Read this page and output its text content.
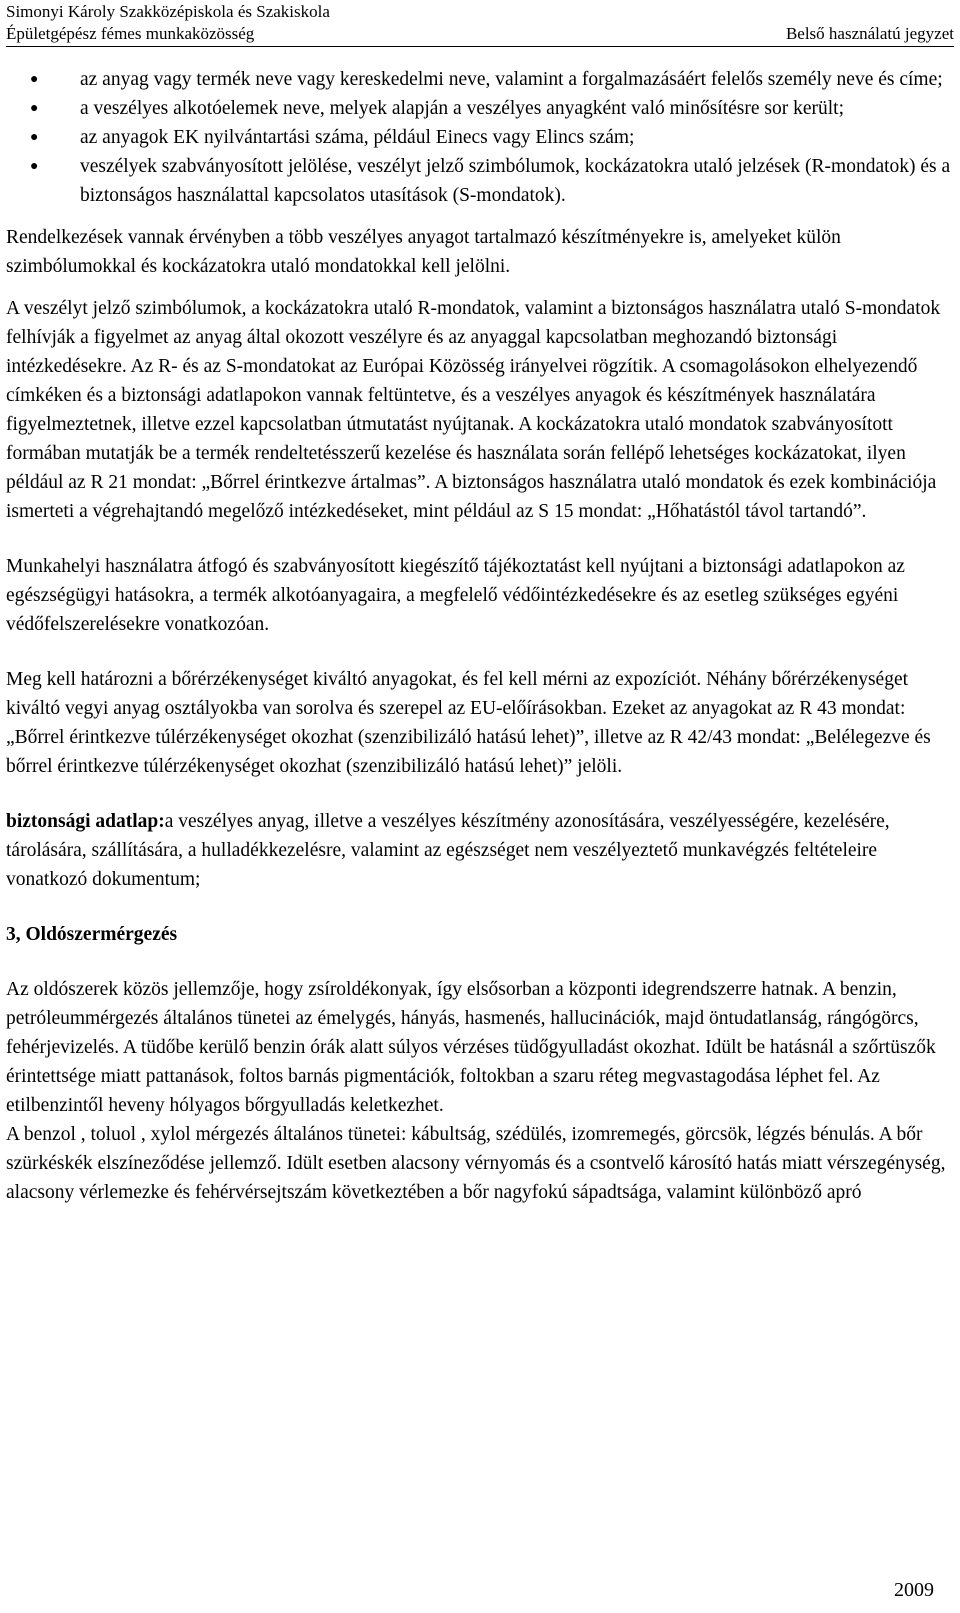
Simonyi Károly Szakközépiskola és Szakiskola
Épületgépész fémes munkaközösség	Belső használatú jegyzet
● az anyag vagy termék neve vagy kereskedelmi neve, valamint a forgalmazásáért felelős személy neve és címe;
● a veszélyes alkotóelemek neve, melyek alapján a veszélyes anyagként való minősítésre sor került;
● az anyagok EK nyilvántartási száma, például Einecs vagy Elincs szám;
● veszélyek szabványosított jelölése, veszélyt jelző szimbólumok, kockázatokra utaló jelzések (R-mondatok) és a biztonságos használattal kapcsolatos utasítások (S-mondatok).

Rendelkezések vannak érvényben a több veszélyes anyagot tartalmazó készítményekre is, amelyeket külön szimbólumokkal és kockázatokra utaló mondatokkal kell jelölni.

A veszélyt jelző szimbólumok, a kockázatokra utaló R-mondatok, valamint a biztonságos használatra utaló S-mondatok felhívják a figyelmet az anyag által okozott veszélyre és az anyaggal kapcsolatban meghozandó biztonsági intézkedésekre. Az R- és az S-mondatokat az Európai Közösség irányelvei rögzítik. A csomagolásokon elhelyezendő címkéken és a biztonsági adatlapokon vannak feltüntetve, és a veszélyes anyagok és készítmények használatára figyelmeztetnek, illetve ezzel kapcsolatban útmutatást nyújtanak. A kockázatokra utaló mondatok szabványosított formában mutatják be a termék rendeltetésszerű kezelése és használata során fellépő lehetséges kockázatokat, ilyen például az R 21 mondat: „Bőrrel érintkezve ártalmas”. A biztonságos használatra utaló mondatok és ezek kombinációja ismerteti a végrehajtandó megelőző intézkedéseket, mint például az S 15 mondat: „Hőhatástól távol tartandó”.

Munkahelyi használatra átfogó és szabványosított kiegészítő tájékoztatást kell nyújtani a biztonsági adatlapokon az egészségügyi hatásokra, a termék alkotóanyagaira, a megfelelő védőintézkedésekre és az esetleg szükséges egyéni védőfelszerelésekre vonatkozóan.

Meg kell határozni a bőrérzékenységet kiváltó anyagokat, és fel kell mérni az expozíciót. Néhány bőrérzékenységet kiváltó vegyi anyag osztályokba van sorolva és szerepel az EU-előírásokban. Ezeket az anyagokat az R 43 mondat: „Bőrrel érintkezve túlérzékenységet okozhat (szenzibilizáló hatású lehet)”, illetve az R 42/43 mondat: „Belélegezve és bőrrel érintkezve túlérzékenységet okozhat (szenzibilizáló hatású lehet)” jelöli.

biztonsági adatlap:a veszélyes anyag, illetve a veszélyes készítmény azonosítására, veszélyességére, kezelésére, tárolására, szállítására, a hulladékkezelésre, valamint az egészséget nem veszélyeztető munkavégzés feltételeire vonatkozó dokumentum;

3, Oldószermérgezés

Az oldószerek közös jellemzője, hogy zsíroldékonyak, így elsősorban a központi idegrendszerre hatnak. A benzin, petróleummérgezés általános tünetei az émelygés, hányás, hasmenés, hallucinációk, majd öntudatlanság, rángógörcs, fehérjevizelés. A tüdőbe kerülő benzin órák alatt súlyos vérzéses tüdőgyulladást okozhat. Idült be hatásnál a szőrtüszők érintettsége miatt pattanások, foltos barnás pigmentációk, foltokban a szaru réteg megvastagodása léphet fel. Az etilbenzintől heveny hólyagos bőrgyulladás keletkezhet.

A benzol , toluol , xylol mérgezés általános tünetei: kábultság, szédülés, izomremegés, görcsök, légzés bénulás. A bőr szürkéskék elszíneződése jellemző. Idült esetben alacsony vérnyomás és a csontvelő károsító hatás miatt vérszegénység, alacsony vérlemezke és fehérvérsejtszám következtében a bőr nagyfokú sápadtsága, valamint különböző apró

2009
